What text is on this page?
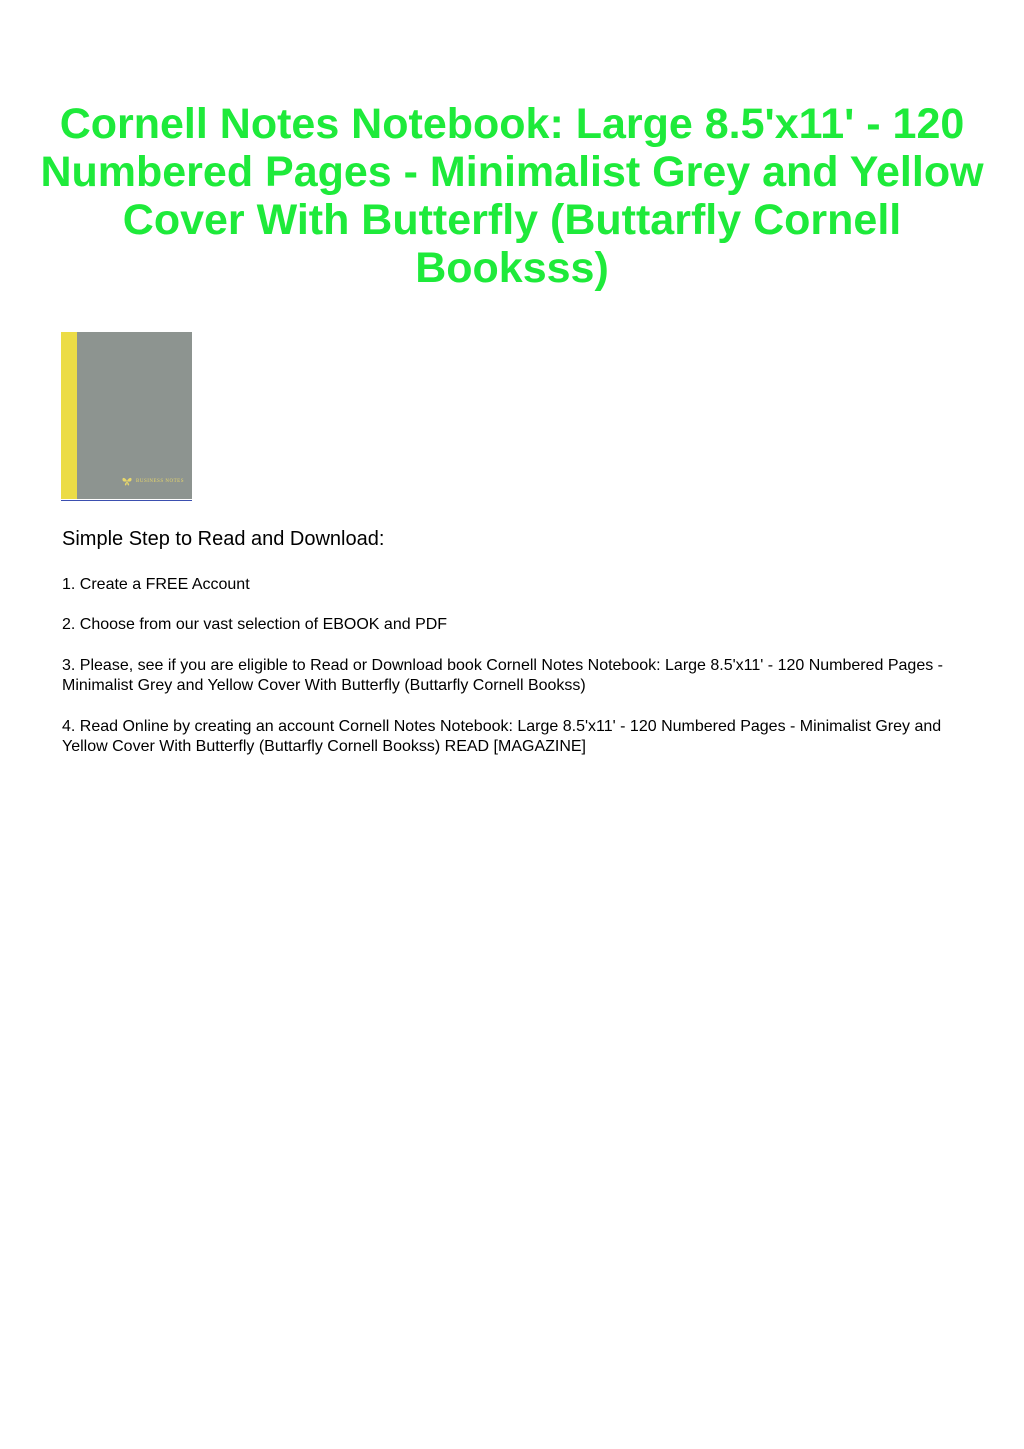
Cornell Notes Notebook: Large 8.5'x11' - 120 Numbered Pages - Minimalist Grey and Yellow Cover With Butterfly (Buttarfly Cornell Booksss)
BUSINESS NOTES
Simple Step to Read and Download:

1. Create a FREE Account

2. Choose from our vast selection of EBOOK and PDF

3. Please, see if you are eligible to Read or Download book Cornell Notes Notebook: Large 8.5'x11' - 120 Numbered Pages - Minimalist Grey and Yellow Cover With Butterfly (Buttarfly Cornell Bookss)

4. Read Online by creating an account Cornell Notes Notebook: Large 8.5'x11' - 120 Numbered Pages - Minimalist Grey and Yellow Cover With Butterfly (Buttarfly Cornell Bookss) READ [MAGAZINE]
